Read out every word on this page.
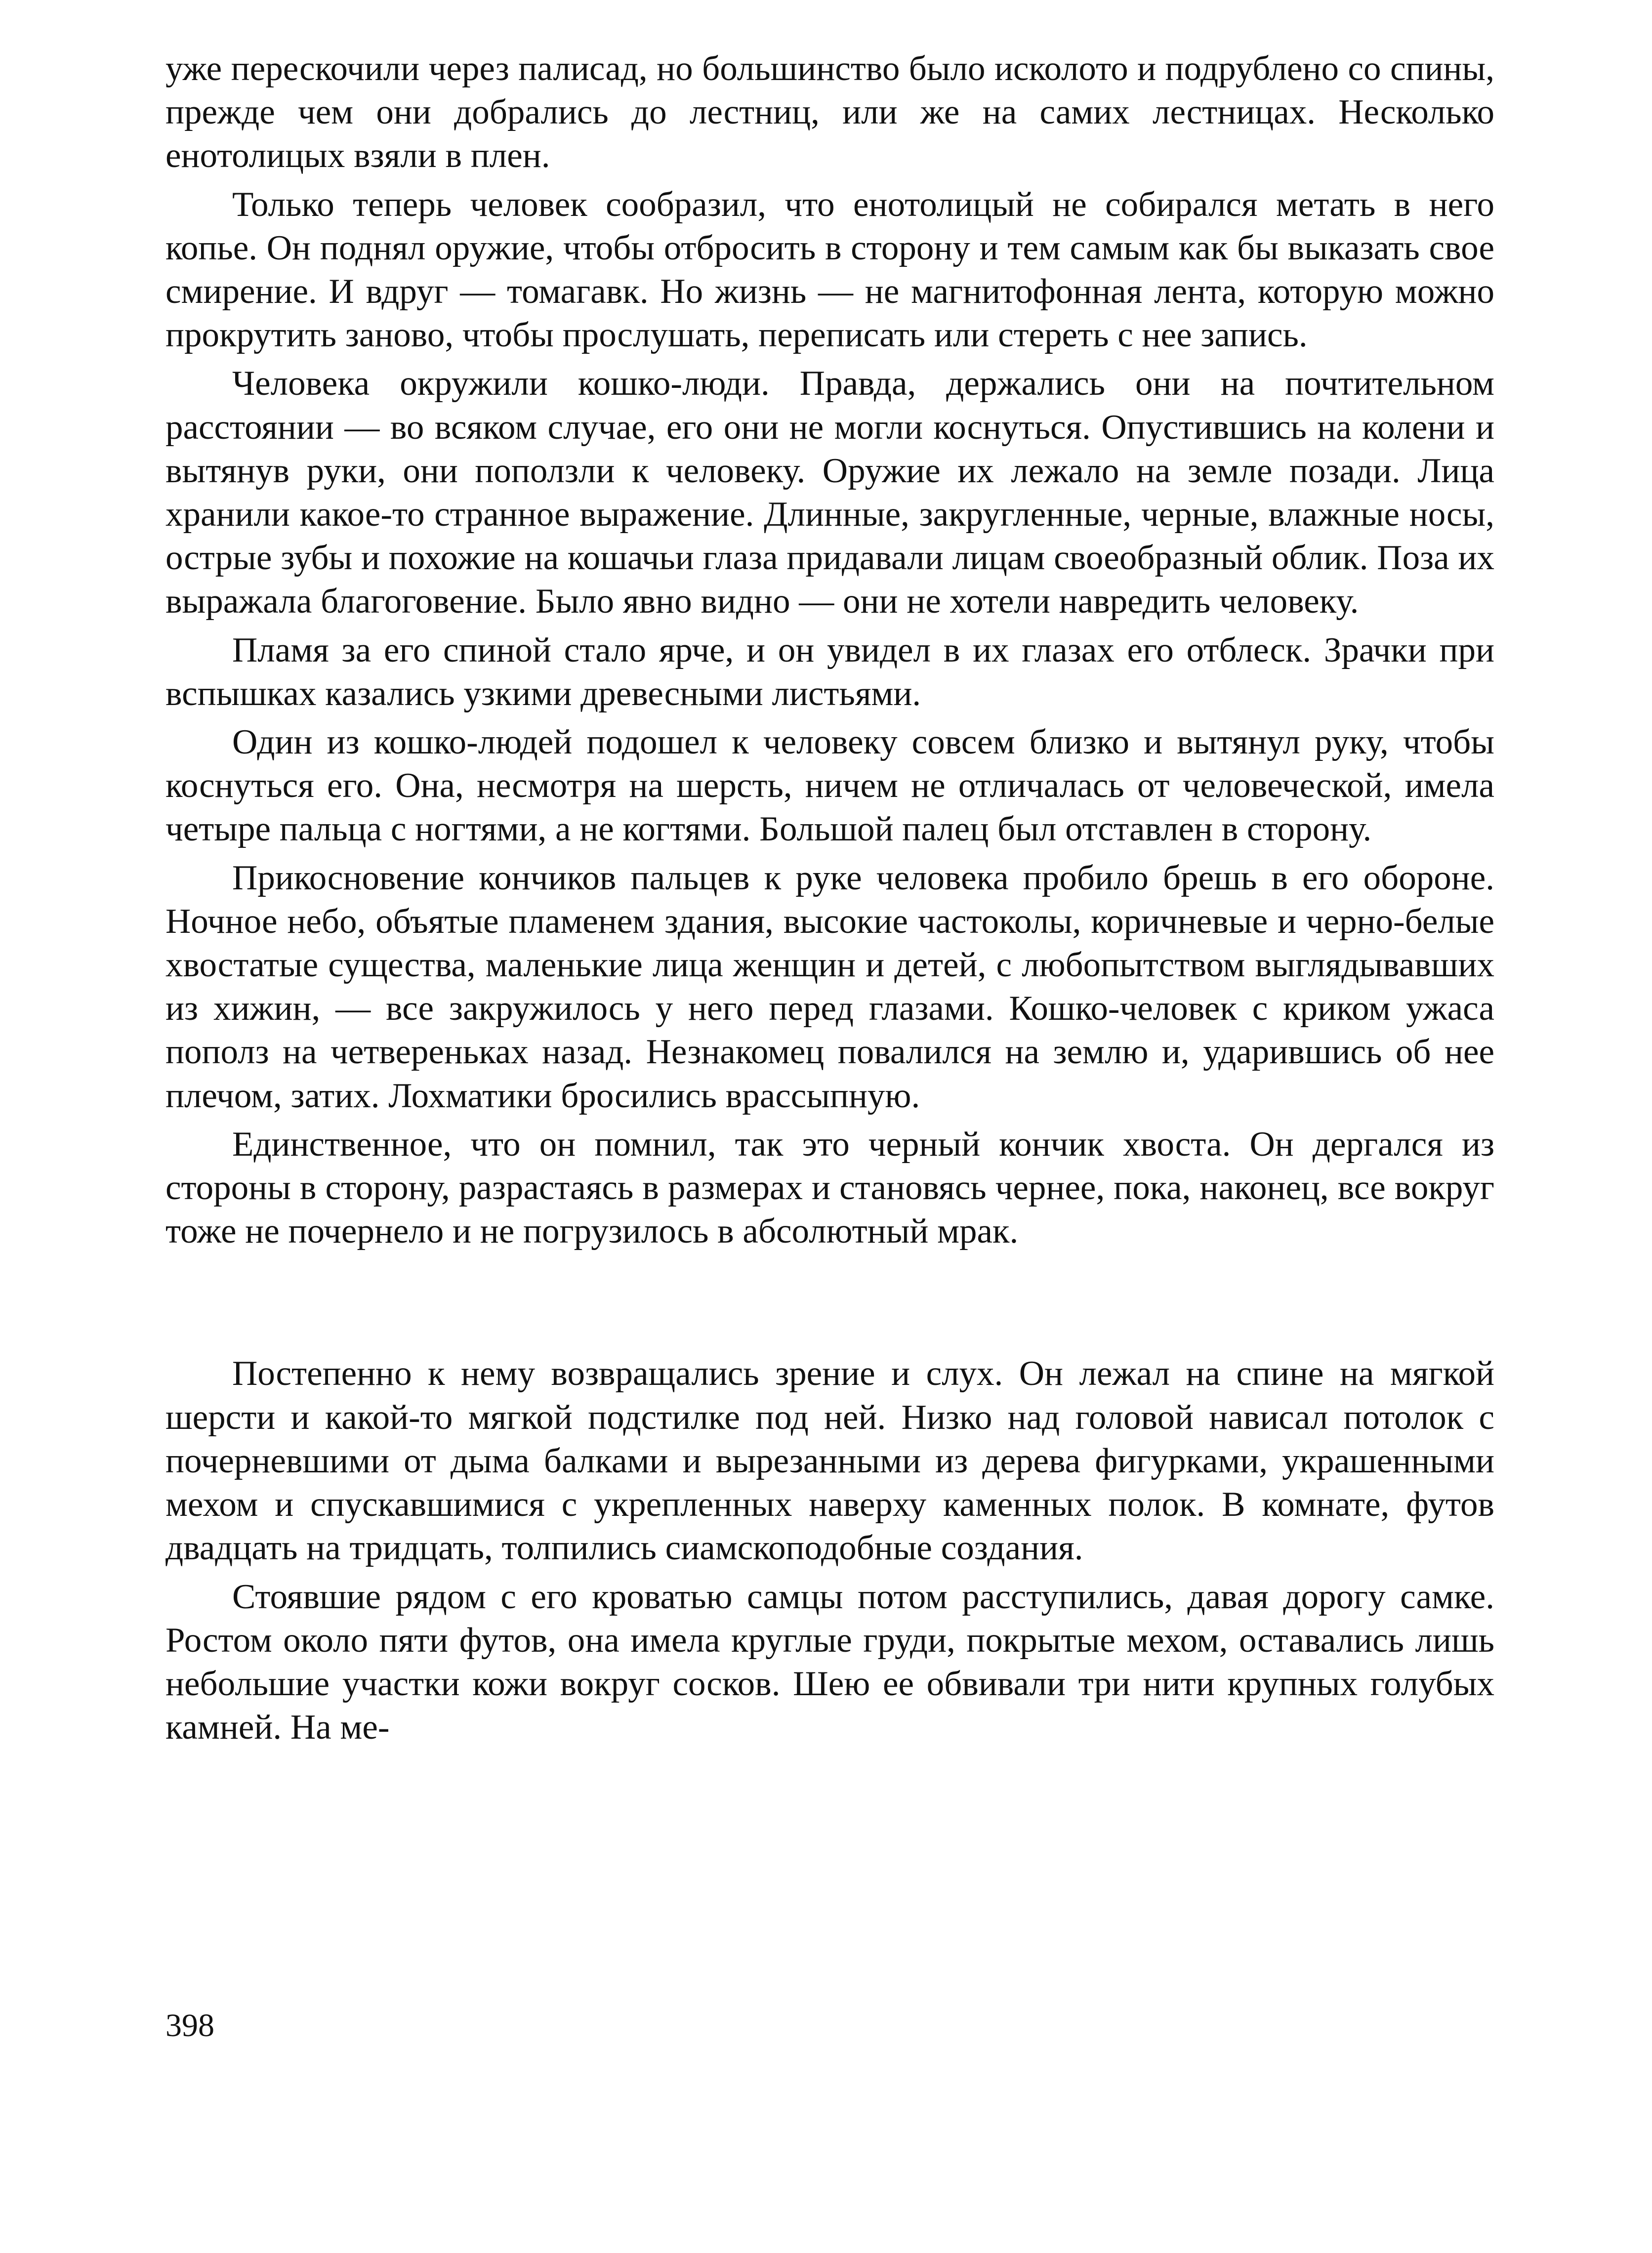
уже перескочили через палисад, но большинство было исколото и подрублено со спины, прежде чем они добрались до лестниц, или же на самих лестницах. Несколько енотолицых взяли в плен.

Только теперь человек сообразил, что енотолицый не собирался метать в него копье. Он поднял оружие, чтобы отбросить в сторону и тем самым как бы выказать свое смирение. И вдруг — томагавк. Но жизнь — не магнитофонная лента, которую можно прокрутить заново, чтобы прослушать, переписать или стереть с нее запись.

Человека окружили кошко-люди. Правда, держались они на почтительном расстоянии — во всяком случае, его они не могли коснуться. Опустившись на колени и вытянув руки, они поползли к человеку. Оружие их лежало на земле позади. Лица хранили какое-то странное выражение. Длинные, закругленные, черные, влажные носы, острые зубы и похожие на кошачьи глаза придавали лицам своеобразный облик. Поза их выражала благоговение. Было явно видно — они не хотели навредить человеку.

Пламя за его спиной стало ярче, и он увидел в их глазах его отблеск. Зрачки при вспышках казались узкими древесными листьями.

Один из кошко-людей подошел к человеку совсем близко и вытянул руку, чтобы коснуться его. Она, несмотря на шерсть, ничем не отличалась от человеческой, имела четыре пальца с ногтями, а не когтями. Большой палец был отставлен в сторону.

Прикосновение кончиков пальцев к руке человека пробило брешь в его обороне. Ночное небо, объятые пламенем здания, высокие частоколы, коричневые и черно-белые хвостатые существа, маленькие лица женщин и детей, с любопытством выглядывавших из хижин, — все закружилось у него перед глазами. Кошко-человек с криком ужаса пополз на четвереньках назад. Незнакомец повалился на землю и, ударившись об нее плечом, затих. Лохматики бросились врассыпную.

Единственное, что он помнил, так это черный кончик хвоста. Он дергался из стороны в сторону, разрастаясь в размерах и становясь чернее, пока, наконец, все вокруг тоже не почернело и не погрузилось в абсолютный мрак.

Постепенно к нему возвращались зрение и слух. Он лежал на спине на мягкой шерсти и какой-то мягкой подстилке под ней. Низко над головой нависал потолок с почерневшими от дыма балками и вырезанными из дерева фигурками, украшенными мехом и спускавшимися с укрепленных наверху каменных полок. В комнате, футов двадцать на тридцать, толпились сиамскоподобные создания.

Стоявшие рядом с его кроватью самцы потом расступились, давая дорогу самке. Ростом около пяти футов, она имела круглые груди, покрытые мехом, оставались лишь небольшие участки кожи вокруг сосков. Шею ее обвивали три нити крупных голубых камней. На ме-

398
